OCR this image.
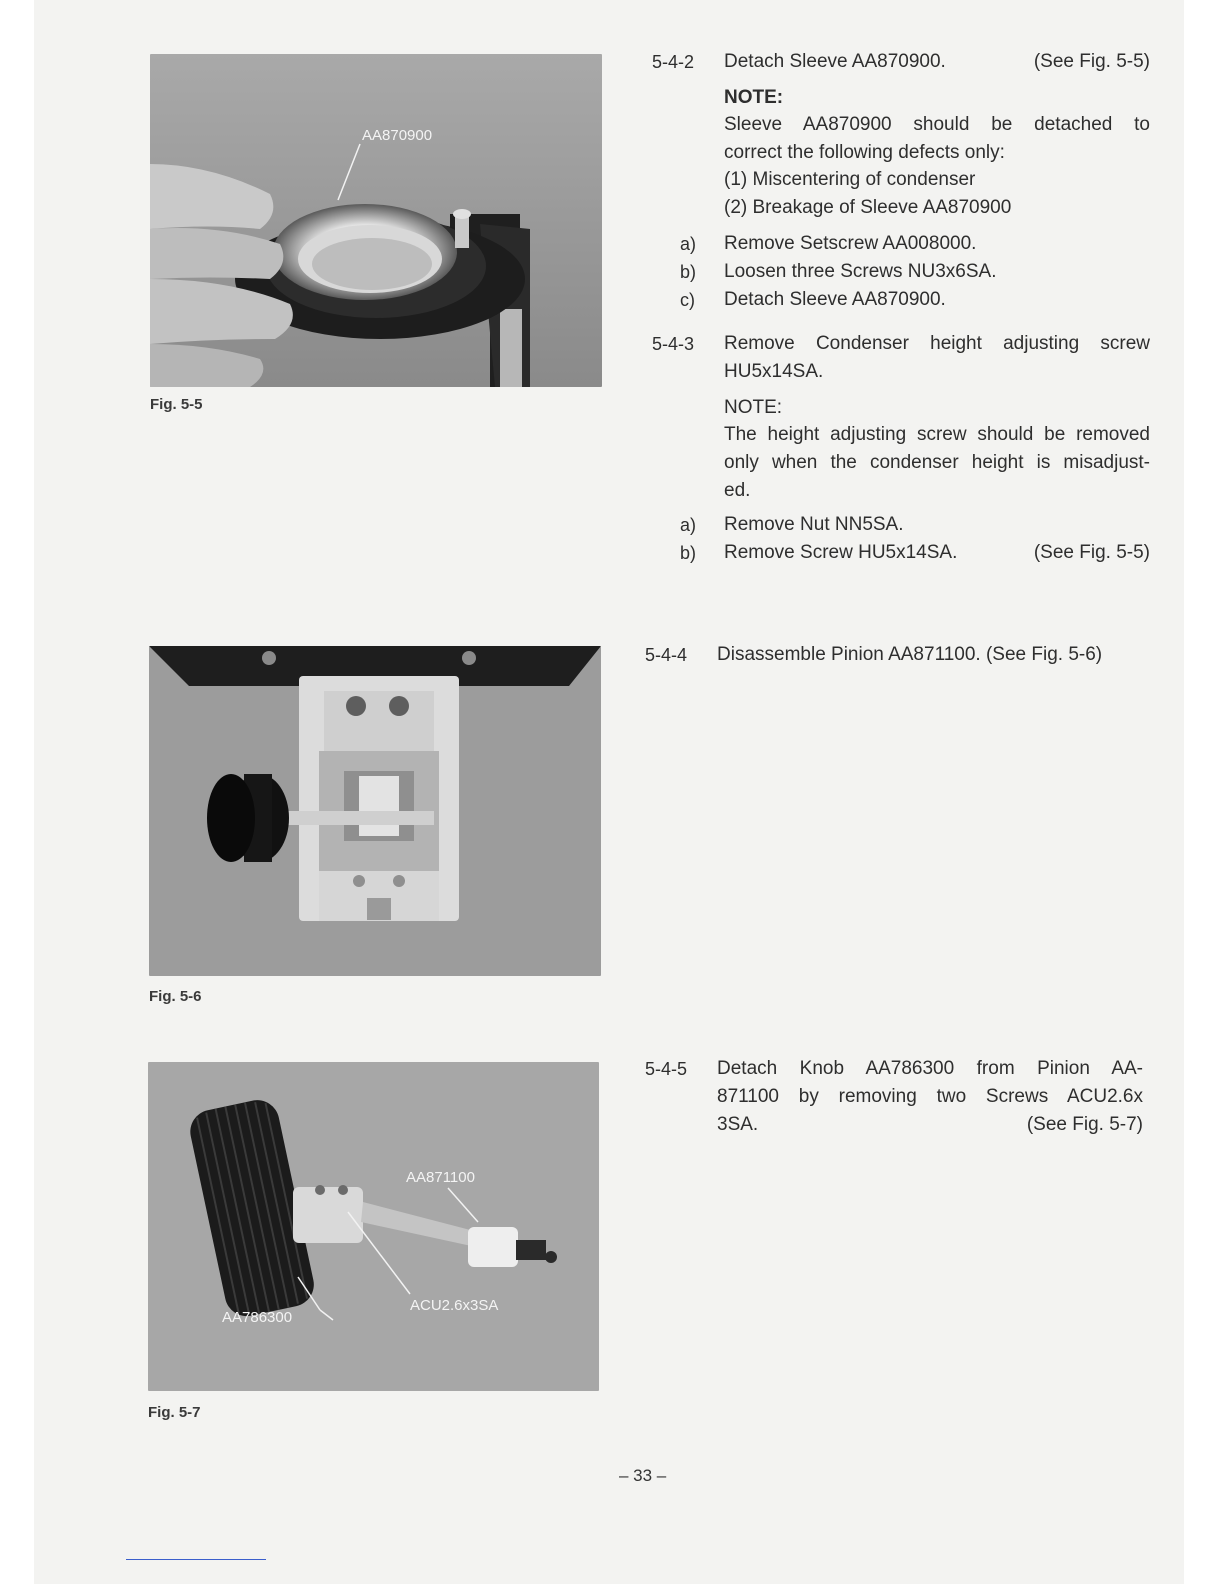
AA870900
Fig. 5-5
Fig. 5-6
AA871100
ACU2.6x3SA
AA786300
Fig. 5-7
5-4-2 Detach Sleeve AA870900.	(See Fig. 5-5)
NOTE:
Sleeve AA870900 should be detached to
correct the following defects only:
(1) Miscentering of condenser
(2) Breakage of Sleeve AA870900
a) Remove Setscrew AA008000.
b) Loosen three Screws NU3x6SA.
c) Detach Sleeve AA870900.
5-4-3 Remove Condenser height adjusting screw
HU5x14SA.
NOTE:
The height adjusting screw should be removed
only when the condenser height is misadjust-
ed.
a) Remove Nut NN5SA.
b) Remove Screw HU5x14SA.	(See Fig. 5-5)
5-4-4 Disassemble Pinion AA871100. (See Fig. 5-6)
5-4-5 Detach Knob AA786300 from Pinion AA-
871100 by removing two Screws ACU2.6x
3SA.	(See Fig. 5-7)
– 33 –
